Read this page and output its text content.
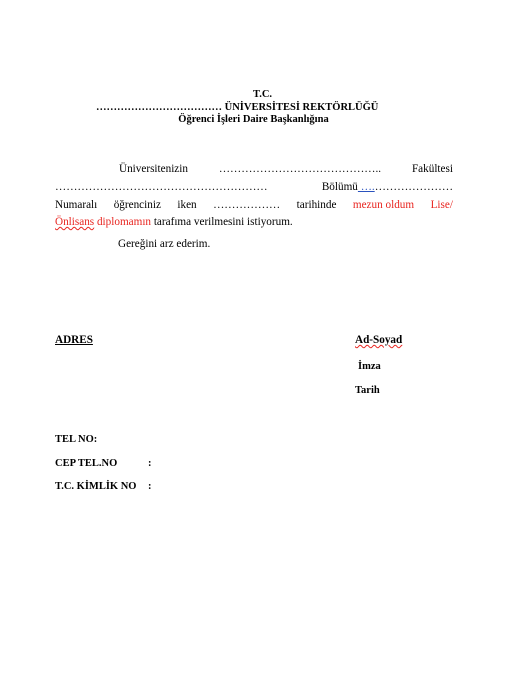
T.C.
……………………………… ÜNİVERSİTESİ REKTÖRLÜĞÜ
Öğrenci İşleri Daire Başkanlığına
Üniversitenizin	……………………………………..	Fakültesi
…………………………………………………	Bölümü ….…………………
Numaralı öğrenciniz iken ……………… tarihinde mezun oldum Lise/
Önlisans diplomamın tarafıma verilmesini istiyorum.
Gereğini arz ederim.
ADRES	Ad-Soyad
İmza
Tarih
TEL NO:
CEP TEL.NO	:
T.C. KİMLİK NO :
